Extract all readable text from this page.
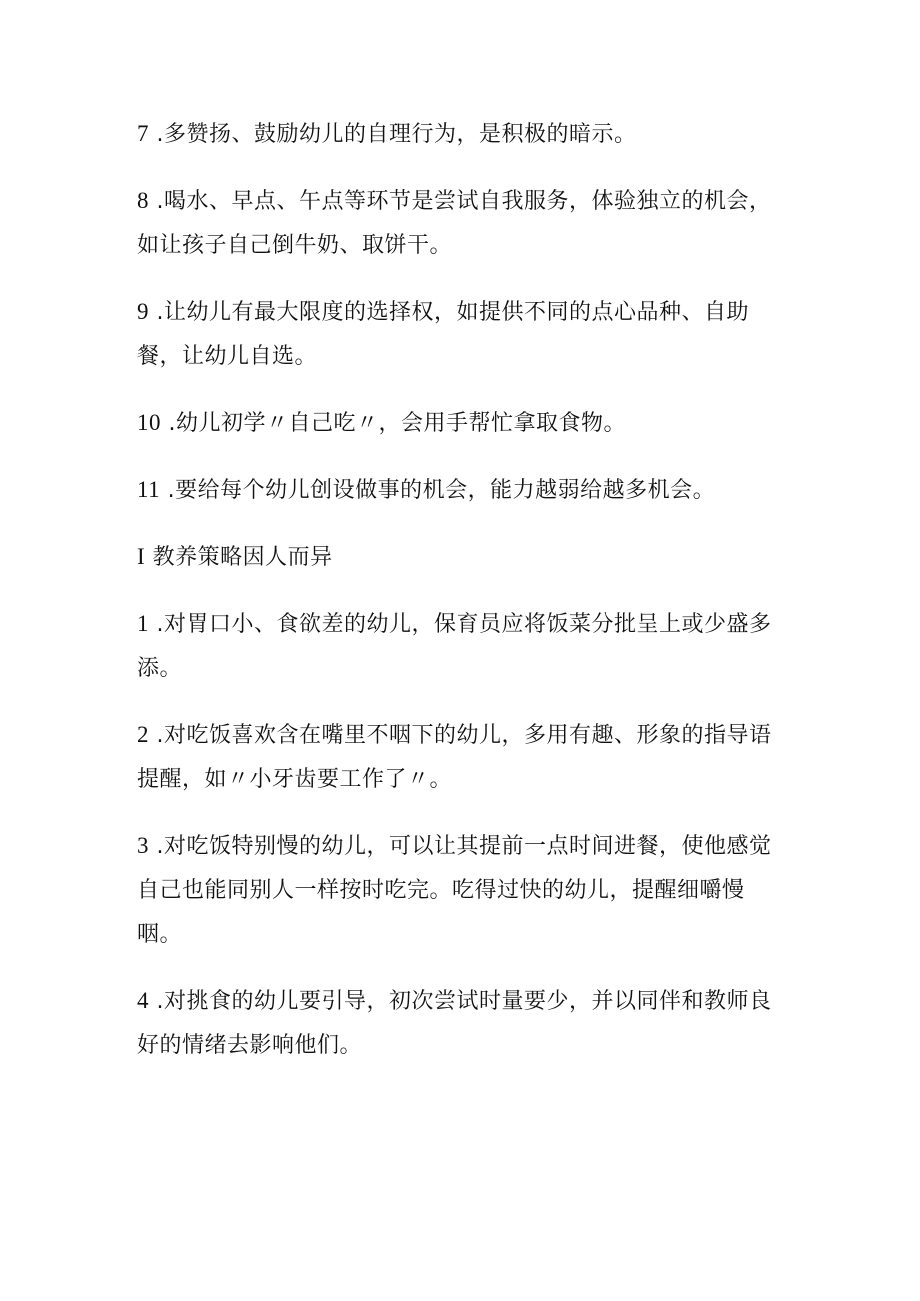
7 .多赞扬、鼓励幼儿的自理行为，是积极的暗示。

8 .喝水、早点、午点等环节是尝试自我服务，体验独立的机会，如让孩子自己倒牛奶、取饼干。

9 .让幼儿有最大限度的选择权，如提供不同的点心品种、自助餐，让幼儿自选。

10 .幼儿初学〃自己吃〃，会用手帮忙拿取食物。

11 .要给每个幼儿创设做事的机会，能力越弱给越多机会。

I 教养策略因人而异

1 .对胃口小、食欲差的幼儿，保育员应将饭菜分批呈上或少盛多添。

2 .对吃饭喜欢含在嘴里不咽下的幼儿，多用有趣、形象的指导语提醒，如〃小牙齿要工作了〃。

3 .对吃饭特别慢的幼儿，可以让其提前一点时间进餐，使他感觉自己也能同别人一样按时吃完。吃得过快的幼儿，提醒细嚼慢咽。

4 .对挑食的幼儿要引导，初次尝试时量要少，并以同伴和教师良好的情绪去影响他们。
